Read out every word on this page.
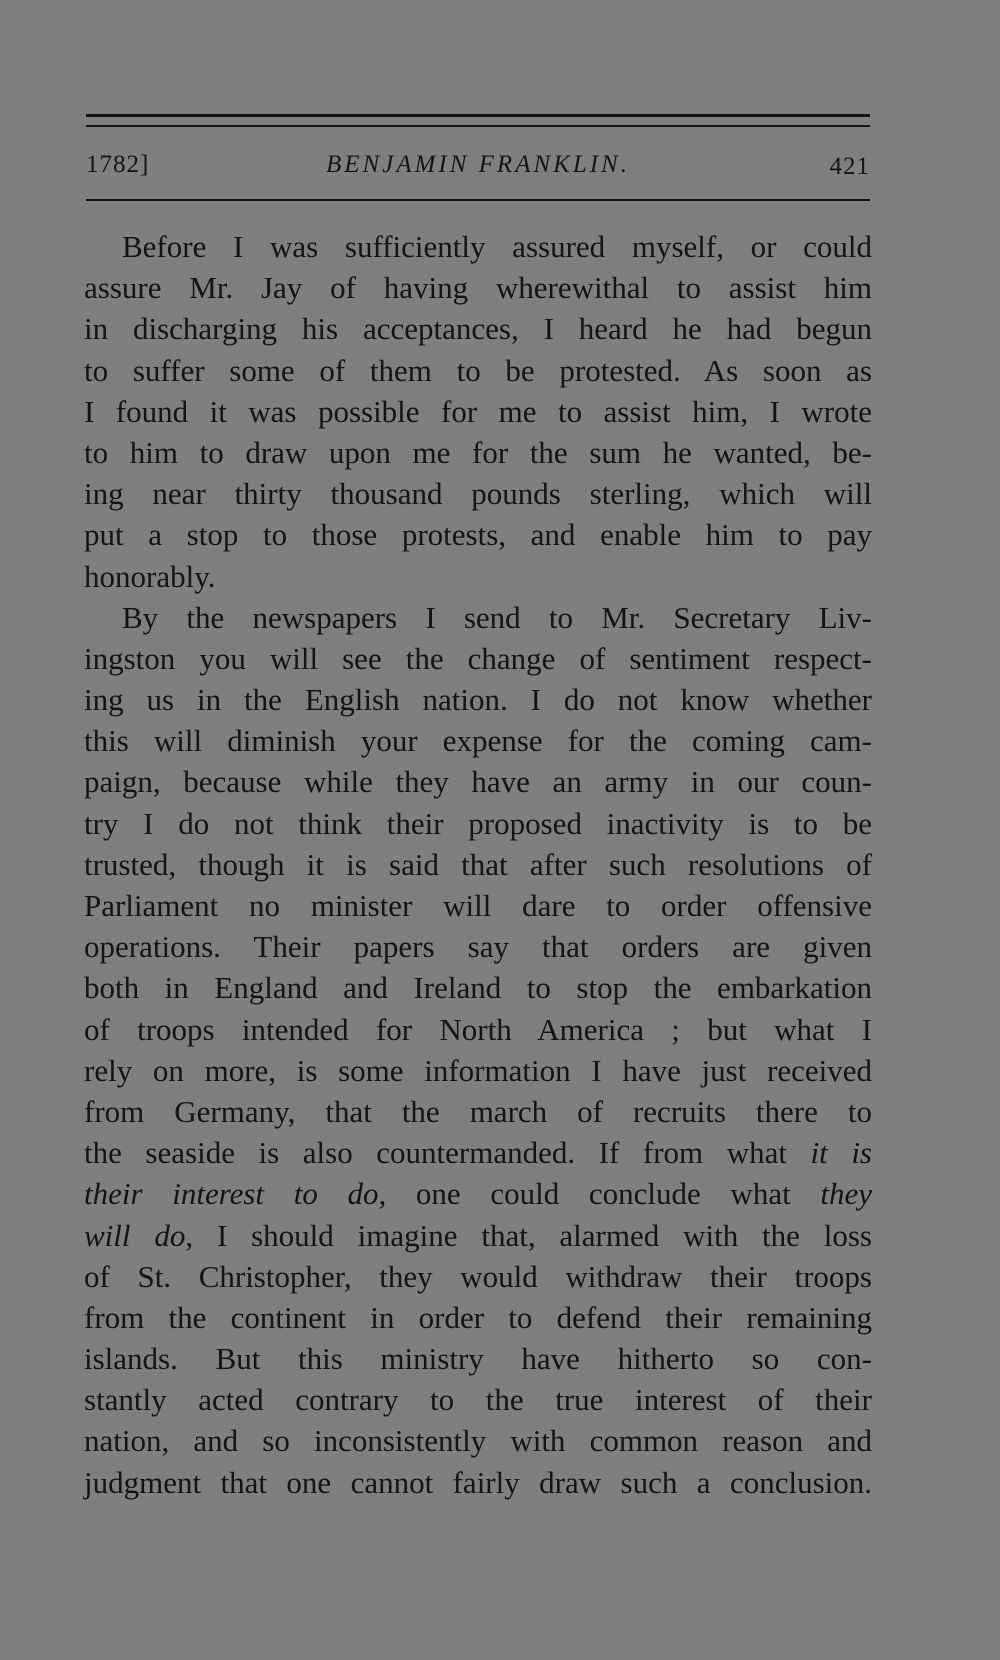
1782]	BENJAMIN FRANKLIN.	421
Before I was sufficiently assured myself, or could
assure Mr. Jay of having wherewithal to assist him
in discharging his acceptances, I heard he had begun
to suffer some of them to be protested. As soon as
I found it was possible for me to assist him, I wrote
to him to draw upon me for the sum he wanted, be-
ing near thirty thousand pounds sterling, which will
put a stop to those protests, and enable him to pay
honorably.
By the newspapers I send to Mr. Secretary Liv-
ingston you will see the change of sentiment respect-
ing us in the English nation. I do not know whether
this will diminish your expense for the coming cam-
paign, because while they have an army in our coun-
try I do not think their proposed inactivity is to be
trusted, though it is said that after such resolutions of
Parliament no minister will dare to order offensive
operations. Their papers say that orders are given
both in England and Ireland to stop the embarkation
of troops intended for North America ; but what I
rely on more, is some information I have just received
from Germany, that the march of recruits there to
the seaside is also countermanded. If from what it is
their interest to do, one could conclude what they
will do, I should imagine that, alarmed with the loss
of St. Christopher, they would withdraw their troops
from the continent in order to defend their remaining
islands. But this ministry have hitherto so con-
stantly acted contrary to the true interest of their
nation, and so inconsistently with common reason and
judgment that one cannot fairly draw such a conclusion.
